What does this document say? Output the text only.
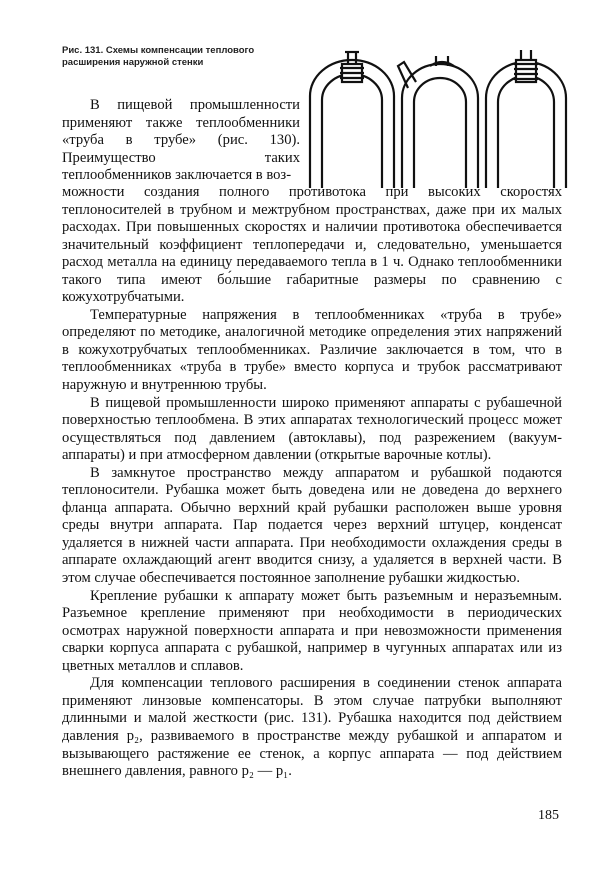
Рис. 131. Схемы компенсации теплового расширения наружной стенки

В пищевой промышленности применяют также теплообменники «труба в трубе» (рис. 130). Преимущество таких теплообменников заключается в воз-

можности создания полного противотока при высоких скоростях теплоносителей в трубном и межтрубном пространствах, даже при их малых расходах. При повышенных скоростях и наличии противотока обеспечивается значительный коэффициент теплопередачи и, следовательно, уменьшается расход металла на единицу передаваемого тепла в 1 ч. Однако теплообменники такого типа имеют бо́льшие габаритные размеры по сравнению с кожухотрубчатыми.

Температурные напряжения в теплообменниках «труба в трубе» определяют по методике, аналогичной методике определения этих напряжений в кожухотрубчатых теплообменниках. Различие заключается в том, что в теплообменниках «труба в трубе» вместо корпуса и трубок рассматривают наружную и внутреннюю трубы.

В пищевой промышленности широко применяют аппараты с рубашечной поверхностью теплообмена. В этих аппаратах технологический процесс может осуществляться под давлением (автоклавы), под разрежением (вакуум-аппараты) и при атмосферном давлении (открытые варочные котлы).

В замкнутое пространство между аппаратом и рубашкой подаются теплоносители. Рубашка может быть доведена или не доведена до верхнего фланца аппарата. Обычно верхний край рубашки расположен выше уровня среды внутри аппарата. Пар подается через верхний штуцер, конденсат удаляется в нижней части аппарата. При необходимости охлаждения среды в аппарате охлаждающий агент вводится снизу, а удаляется в верхней части. В этом случае обеспечивается постоянное заполнение рубашки жидкостью.

Крепление рубашки к аппарату может быть разъемным и неразъемным. Разъемное крепление применяют при необходимости в периодических осмотрах наружной поверхности аппарата и при невозможности применения сварки корпуса аппарата с рубашкой, например в чугунных аппаратах или из цветных металлов и сплавов.

Для компенсации теплового расширения в соединении стенок аппарата применяют линзовые компенсаторы. В этом случае патрубки выполняют длинными и малой жесткости (рис. 131). Рубашка находится под действием давления p₂, развиваемого в пространстве между рубашкой и аппаратом и вызывающего растяжение ее стенок, а корпус аппарата — под действием внешнего давления, равного p₂ — p₁.

185
